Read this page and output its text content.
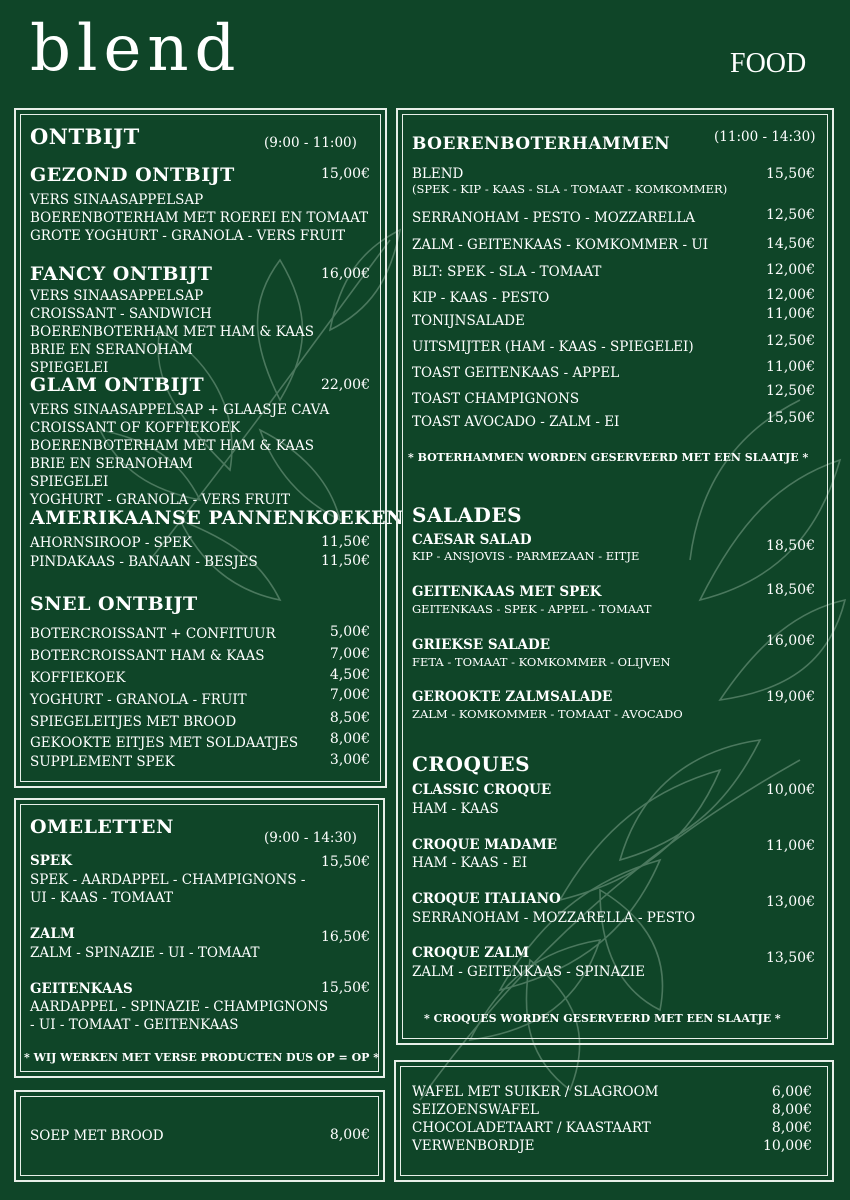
blend	FOOD
ONTBIJT	(9:00 - 11:00)
GEZOND ONTBIJT	15,00€
VERS SINAASAPPELSAP
BOERENBOTERHAM MET ROEREI EN TOMAAT
GROTE YOGHURT - GRANOLA - VERS FRUIT
FANCY ONTBIJT	16,00€
VERS SINAASAPPELSAP
CROISSANT - SANDWICH
BOERENBOTERHAM MET HAM & KAAS
BRIE EN SERANOHAM
SPIEGELEI
GLAM ONTBIJT	22,00€
VERS SINAASAPPELSAP + GLAASJE CAVA
CROISSANT OF KOFFIEKOEK
BOERENBOTERHAM MET HAM & KAAS
BRIE EN SERANOHAM
SPIEGELEI
YOGHURT - GRANOLA - VERS FRUIT
AMERIKAANSE PANNENKOEKEN
AHORNSIROOP - SPEK	11,50€
PINDAKAAS - BANAAN - BESJES	11,50€
SNEL ONTBIJT
BOTERCROISSANT + CONFITUUR	5,00€
BOTERCROISSANT HAM & KAAS	7,00€
KOFFIEKOEK	4,50€
YOGHURT - GRANOLA - FRUIT	7,00€
SPIEGELEITJES MET BROOD	8,50€
GEKOOKTE EITJES MET SOLDAATJES	8,00€
SUPPLEMENT SPEK	3,00€
OMELETTEN	(9:00 - 14:30)
SPEK	15,50€
SPEK - AARDAPPEL - CHAMPIGNONS -
UI - KAAS - TOMAAT
ZALM	16,50€
ZALM - SPINAZIE - UI - TOMAAT
GEITENKAAS	15,50€
AARDAPPEL - SPINAZIE - CHAMPIGNONS
- UI - TOMAAT - GEITENKAAS
* WIJ WERKEN MET VERSE PRODUCTEN DUS OP = OP *
SOEP MET BROOD	8,00€
BOERENBOTERHAMMEN	(11:00 - 14:30)
BLEND
(SPEK - KIP - KAAS - SLA - TOMAAT - KOMKOMMER)
15,50€
SERRANOHAM - PESTO - MOZZARELLA	12,50€
ZALM - GEITENKAAS - KOMKOMMER - UI	14,50€
BLT: SPEK - SLA - TOMAAT	12,00€
KIP - KAAS - PESTO	12,00€
TONIJNSALADE	11,00€
UITSMIJTER (HAM - KAAS - SPIEGELEI)	12,50€
TOAST GEITENKAAS - APPEL	11,00€
TOAST CHAMPIGNONS	12,50€
TOAST AVOCADO - ZALM - EI	15,50€
* BOTERHAMMEN WORDEN GESERVEERD MET EEN SLAATJE *
SALADES
CAESAR SALAD
KIP - ANSJOVIS - PARMEZAAN - EITJE
18,50€
GEITENKAAS MET SPEK
GEITENKAAS - SPEK - APPEL - TOMAAT
18,50€
GRIEKSE SALADE
FETA - TOMAAT - KOMKOMMER - OLIJVEN
16,00€
GEROOKTE ZALMSALADE
ZALM - KOMKOMMER - TOMAAT - AVOCADO
19,00€
CROQUES
CLASSIC CROQUE
HAM - KAAS
10,00€
CROQUE MADAME
HAM - KAAS - EI
11,00€
CROQUE ITALIANO
SERRANOHAM - MOZZARELLA - PESTO
13,00€
CROQUE ZALM
ZALM - GEITENKAAS - SPINAZIE
13,50€
* CROQUES WORDEN GESERVEERD MET EEN SLAATJE *
WAFEL MET SUIKER / SLAGROOM	6,00€
SEIZOENSWAFEL	8,00€
CHOCOLADETAART / KAASTAART	8,00€
VERWENBORDJE	10,00€
